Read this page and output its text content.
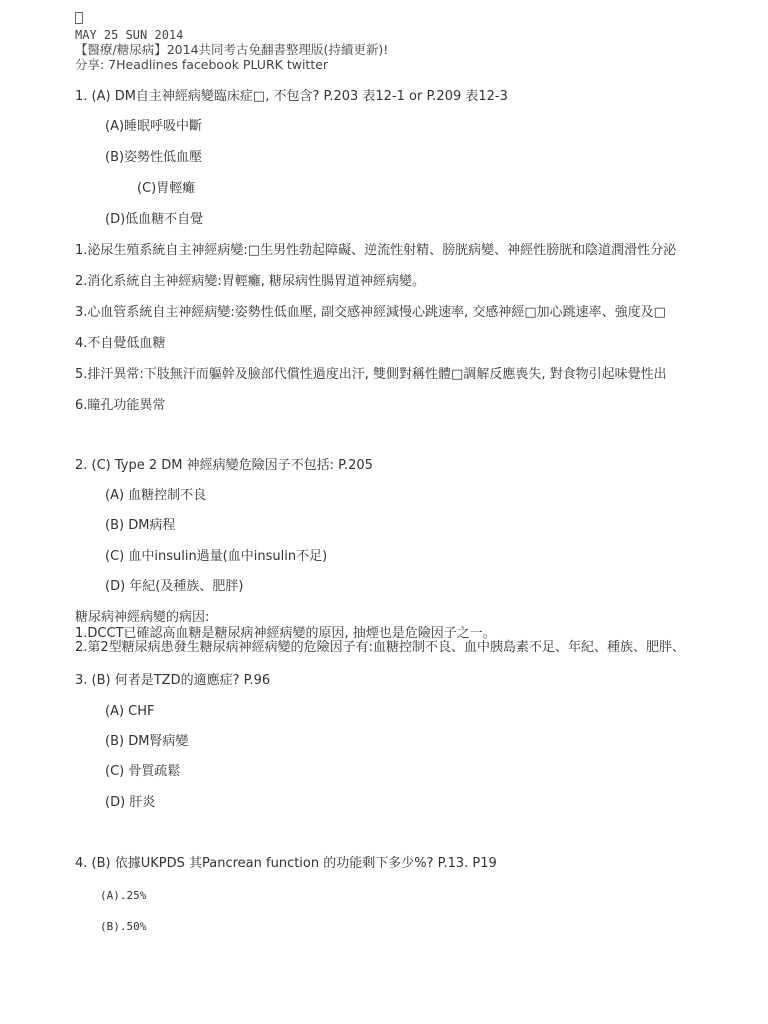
MAY 25 SUN 2014
【醫療/糖尿病】2014共同考古免翻書整理版(持續更新)!
分享: 7Headlines facebook PLURK twitter
1. (A) DM自主神經病變臨床症□, 不包含? P.203 表12-1 or P.209 表12-3
(A)睡眠呼吸中斷
(B)姿勢性低血壓
(C)胃輕癱
(D)低血糖不自覺
1.泌尿生殖系統自主神經病變:□生男性勃起障礙、逆流性射精、膀胱病變、神經性膀胱和陰道潤滑性分泌
2.消化系統自主神經病變:胃輕癱, 糖尿病性腸胃道神經病變。
3.心血管系統自主神經病變:姿勢性低血壓, 副交感神經減慢心跳速率, 交感神經□加心跳速率、強度及□
4.不自覺低血糖
5.排汗異常:下肢無汗而軀幹及臉部代償性過度出汗, 雙側對稱性體□調解反應喪失, 對食物引起味覺性出
6.瞳孔功能異常
2. (C) Type 2 DM 神經病變危險因子不包括: P.205
(A) 血糖控制不良
(B) DM病程
(C) 血中insulin過量(血中insulin不足)
(D) 年紀(及種族、肥胖)
糖尿病神經病變的病因:
1.DCCT已確認高血糖是糖尿病神經病變的原因, 抽煙也是危險因子之一。
2.第2型糖尿病患發生糖尿病神經病變的危險因子有:血糖控制不良、血中胰島素不足、年紀、種族、肥胖、
3. (B) 何者是TZD的適應症? P.96
(A) CHF
(B) DM腎病變
(C) 骨質疏鬆
(D) 肝炎
4. (B) 依據UKPDS 其Pancrean function 的功能剩下多少%? P.13. P19
(A).25%
(B).50%
